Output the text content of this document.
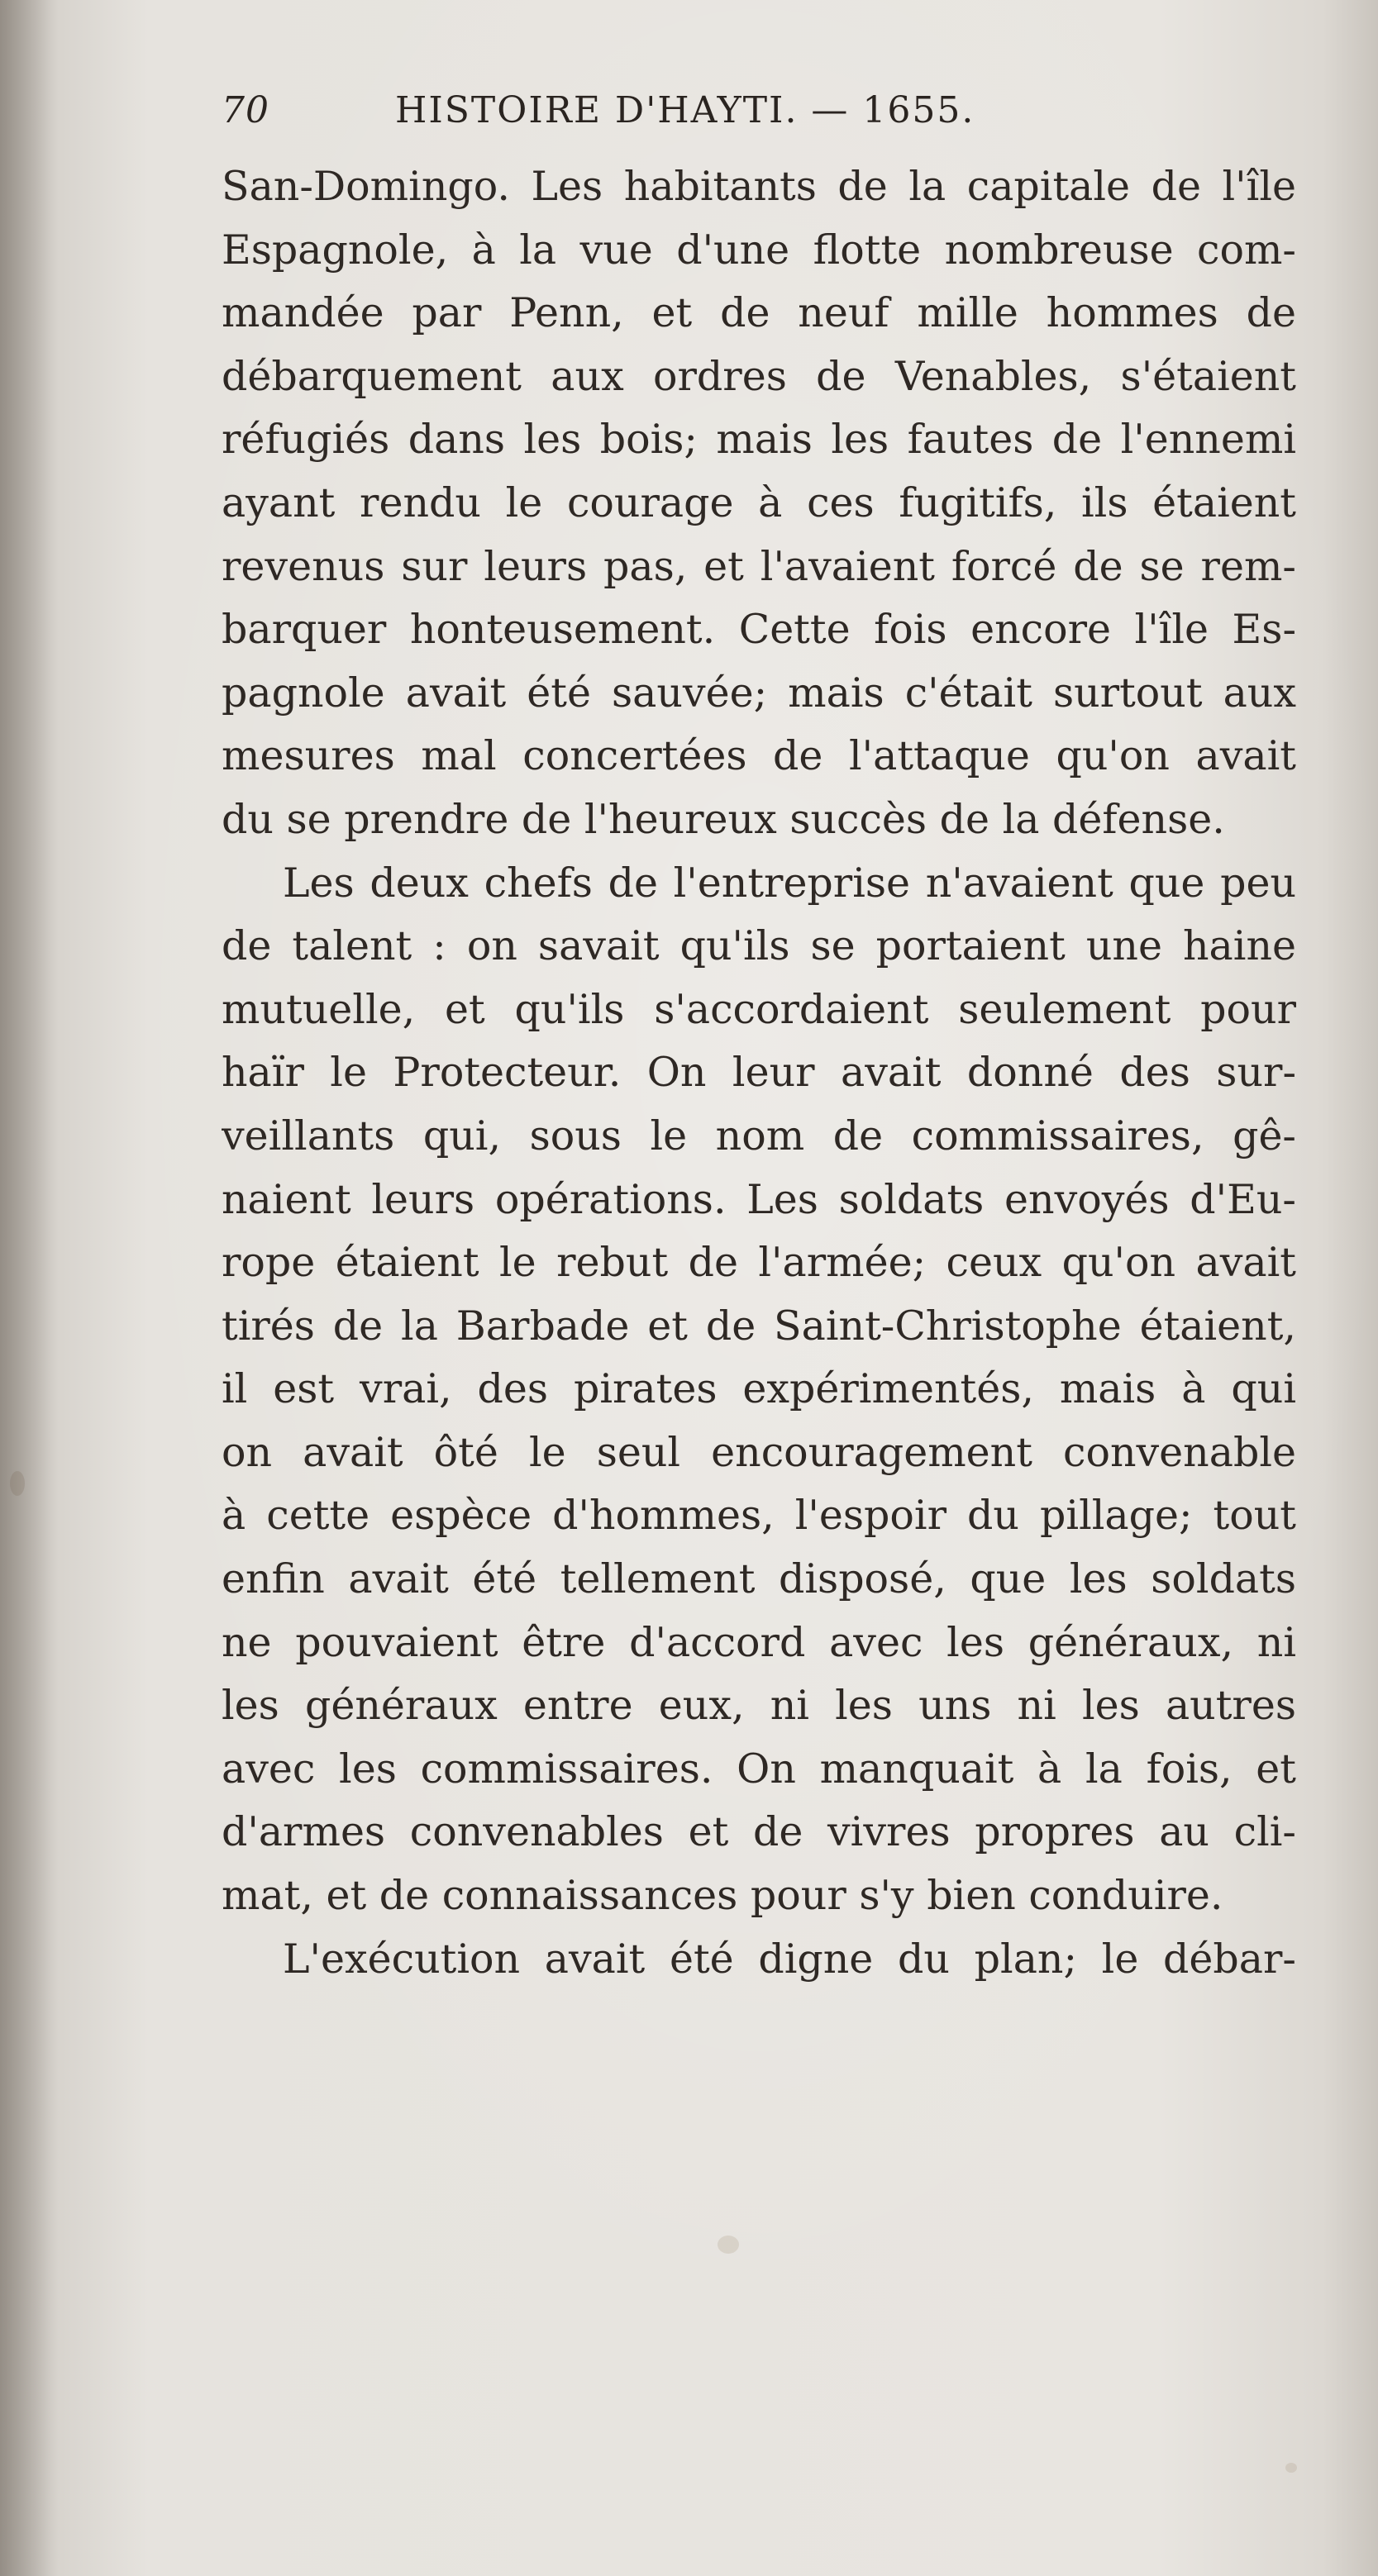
70	HISTOIRE D'HAYTI. — 1655.
San-Domingo. Les habitants de la capitale de l'île
Espagnole, à la vue d'une flotte nombreuse com-
mandée par Penn, et de neuf mille hommes de
débarquement aux ordres de Venables, s'étaient
réfugiés dans les bois; mais les fautes de l'ennemi
ayant rendu le courage à ces fugitifs, ils étaient
revenus sur leurs pas, et l'avaient forcé de se rem-
barquer honteusement. Cette fois encore l'île Es-
pagnole avait été sauvée; mais c'était surtout aux
mesures mal concertées de l'attaque qu'on avait
du se prendre de l'heureux succès de la défense.
Les deux chefs de l'entreprise n'avaient que peu
de talent : on savait qu'ils se portaient une haine
mutuelle, et qu'ils s'accordaient seulement pour
haïr le Protecteur. On leur avait donné des sur-
veillants qui, sous le nom de commissaires, gê-
naient leurs opérations. Les soldats envoyés d'Eu-
rope étaient le rebut de l'armée; ceux qu'on avait
tirés de la Barbade et de Saint-Christophe étaient,
il est vrai, des pirates expérimentés, mais à qui
on avait ôté le seul encouragement convenable
à cette espèce d'hommes, l'espoir du pillage; tout
enfin avait été tellement disposé, que les soldats
ne pouvaient être d'accord avec les généraux, ni
les généraux entre eux, ni les uns ni les autres
avec les commissaires. On manquait à la fois, et
d'armes convenables et de vivres propres au cli-
mat, et de connaissances pour s'y bien conduire.
L'exécution avait été digne du plan; le débar-
